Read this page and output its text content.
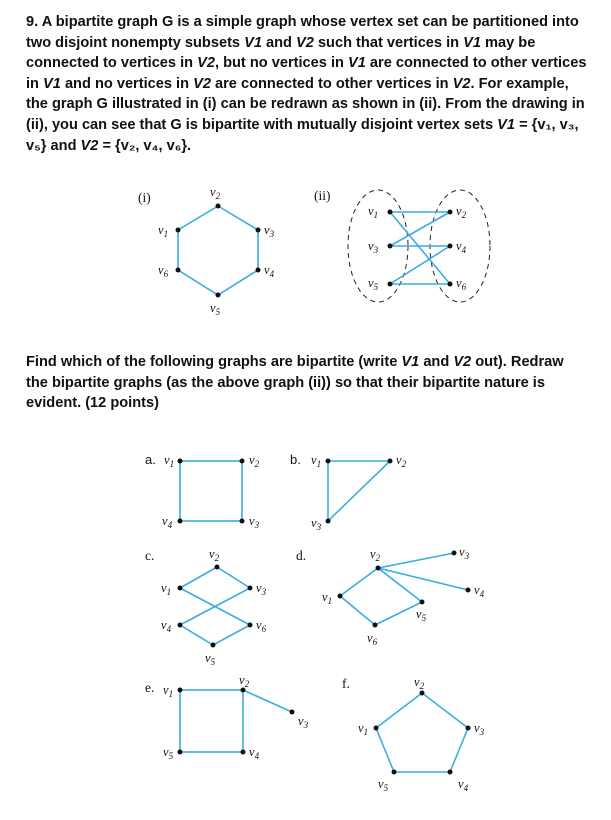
9. A bipartite graph G is a simple graph whose vertex set can be partitioned into two disjoint nonempty subsets V1 and V2 such that vertices in V1 may be connected to vertices in V2, but no vertices in V1 are connected to other vertices in V1 and no vertices in V2 are connected to other vertices in V2. For example, the graph G illustrated in (i) can be redrawn as shown in (ii). From the drawing in (ii), you can see that G is bipartite with mutually disjoint vertex sets V1 = {v₁, v₃, v₅} and V2 = {v₂, v₄, v₆}.

Find which of the following graphs are bipartite (write V1 and V2 out). Redraw the bipartite graphs (as the above graph (ii)) so that their bipartite nature is evident. (12 points)

(i)	$v_2$
$v_3$
$v_4$
$v_5$
$v_6$
$v_1$
(ii)
$v_1$
$v_3$
$v_5$
$v_2$
$v_4$
$v_6$
a. $v_1$	$v_2$
$v_3$
$v_4$
b. $v_1$	$v_2$
$v_3$
c.
$v_1$
$v_2$
$v_3$
$v_4$
$v_5$
$v_6$
d.
$v_1$
$v_2$	$v_3$
$v_4$
$v_5$
$v_6$
e. $v_1$
$v_2$
$v_3$
$v_4$
$v_5$
f.
$v_1$
$v_2$
$v_3$
$v_4$
$v_5$
